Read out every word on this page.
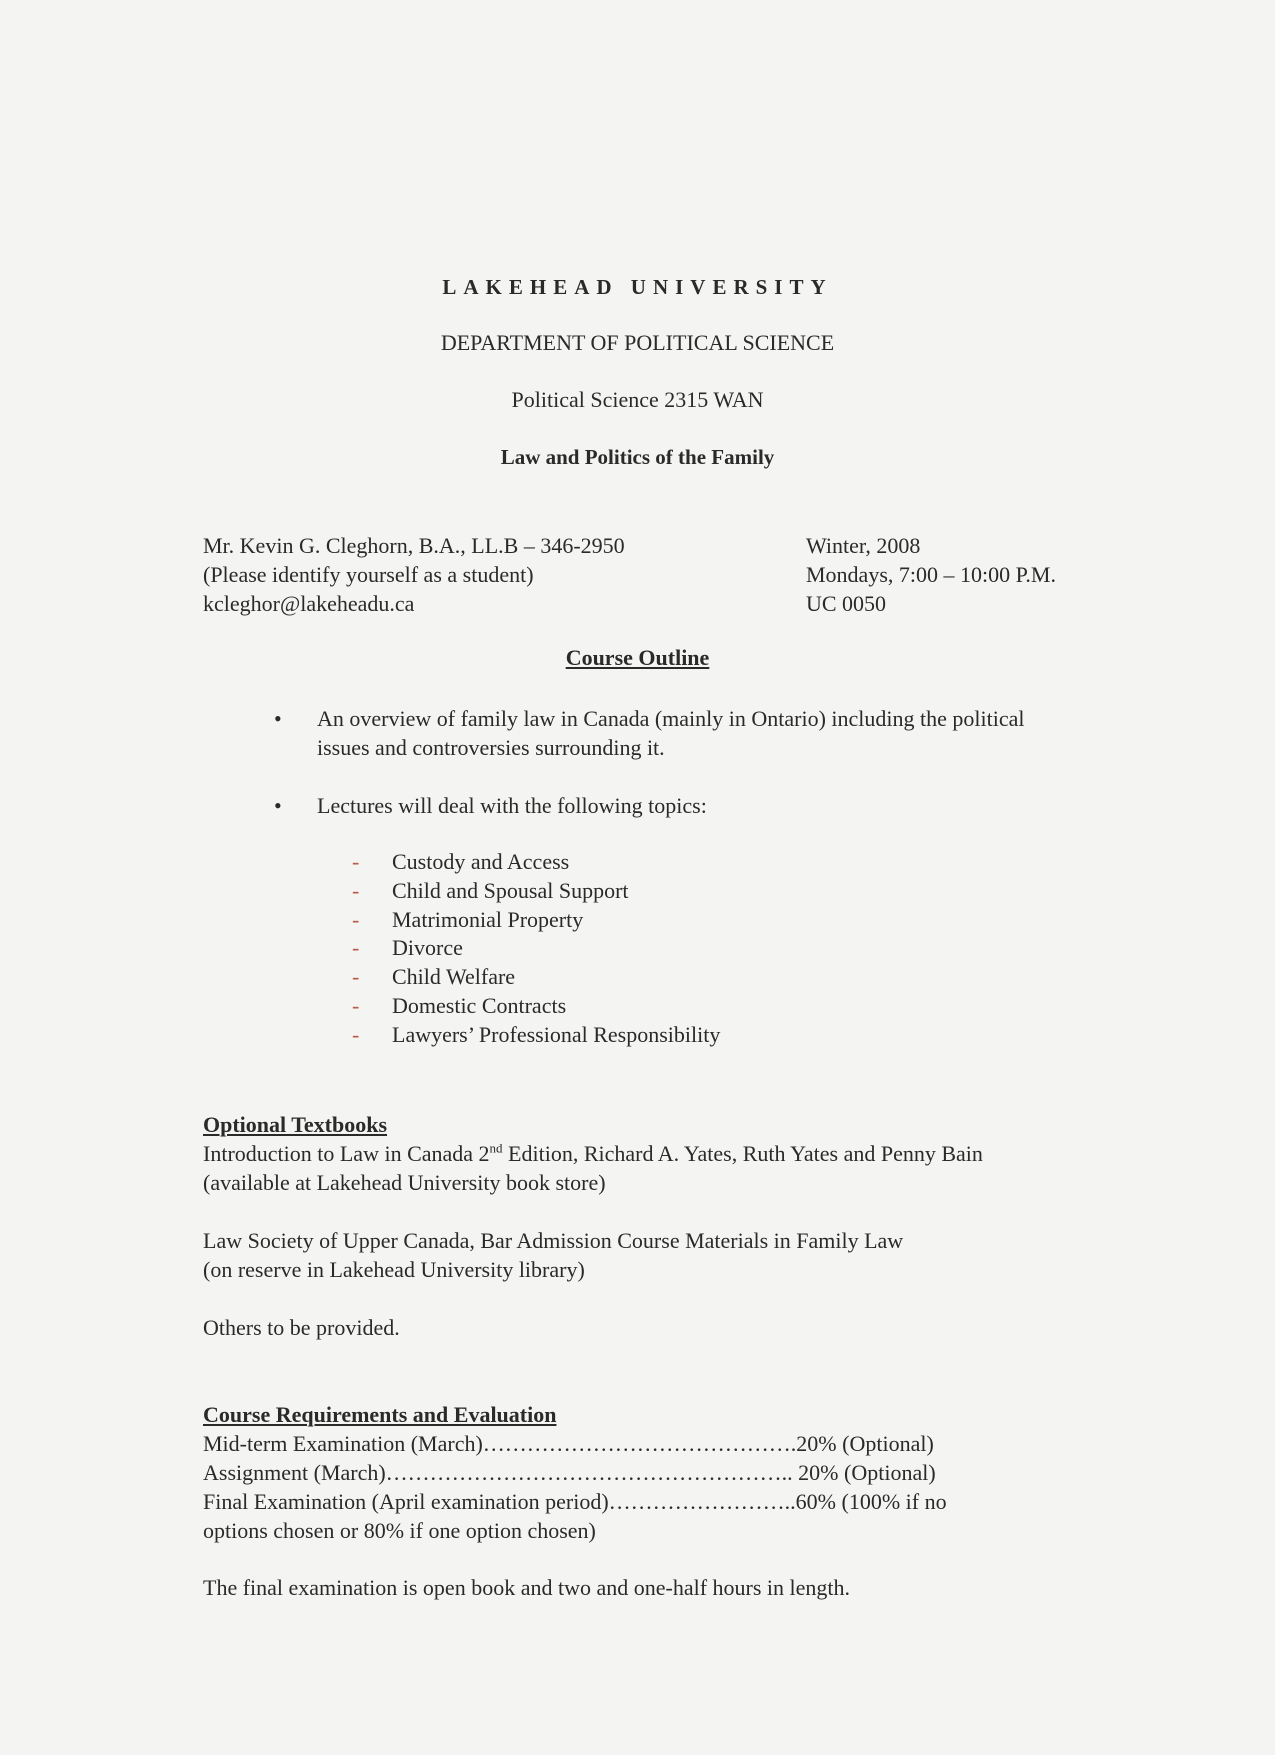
LAKEHEAD UNIVERSITY
DEPARTMENT OF POLITICAL SCIENCE
Political Science 2315 WAN
Law and Politics of the Family
Mr. Kevin G. Cleghorn, B.A., LL.B – 346-2950
(Please identify yourself as a student)
kcleghor@lakeheadu.ca
Winter, 2008
Mondays, 7:00 – 10:00 P.M.
UC 0050
Course Outline
• An overview of family law in Canada (mainly in Ontario) including the political issues and controversies surrounding it.
• Lectures will deal with the following topics:
- Custody and Access
- Child and Spousal Support
- Matrimonial Property
- Divorce
- Child Welfare
- Domestic Contracts
- Lawyers’ Professional Responsibility
Optional Textbooks
Introduction to Law in Canada 2nd Edition, Richard A. Yates, Ruth Yates and Penny Bain
(available at Lakehead University book store)
Law Society of Upper Canada, Bar Admission Course Materials in Family Law
(on reserve in Lakehead University library)
Others to be provided.
Course Requirements and Evaluation
Mid-term Examination (March)…………………………………….20% (Optional)
Assignment (March)……………………………………………….. 20% (Optional)
Final Examination (April examination period)……………………..60% (100% if no
options chosen or 80% if one option chosen)
The final examination is open book and two and one-half hours in length.
